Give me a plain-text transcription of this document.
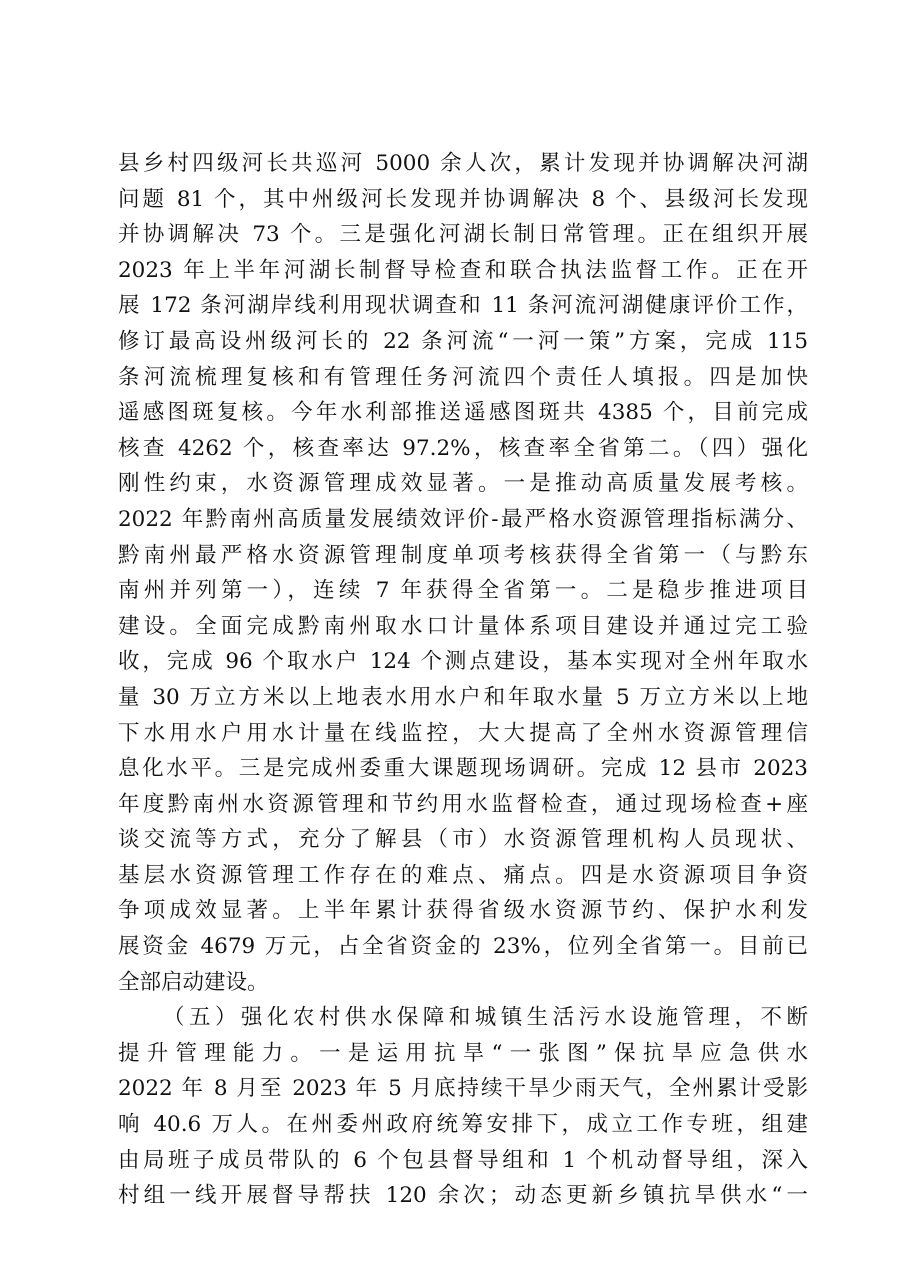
县乡村四级河长共巡河 5000 余人次，累计发现并协调解决河湖
问题 81 个，其中州级河长发现并协调解决 8 个、县级河长发现
并协调解决 73 个。三是强化河湖长制日常管理。正在组织开展
2023 年上半年河湖长制督导检查和联合执法监督工作。正在开
展 172 条河湖岸线利用现状调查和 11 条河流河湖健康评价工作，
修订最高设州级河长的 22 条河流“一河一策”方案，完成 115
条河流梳理复核和有管理任务河流四个责任人填报。四是加快
遥感图斑复核。今年水利部推送遥感图斑共 4385 个，目前完成
核查 4262 个，核查率达 97.2%，核查率全省第二。（四）强化
刚性约束，水资源管理成效显著。一是推动高质量发展考核。
2022 年黔南州高质量发展绩效评价-最严格水资源管理指标满分、
黔南州最严格水资源管理制度单项考核获得全省第一（与黔东
南州并列第一），连续 7 年获得全省第一。二是稳步推进项目
建设。全面完成黔南州取水口计量体系项目建设并通过完工验
收，完成 96 个取水户 124 个测点建设，基本实现对全州年取水
量 30 万立方米以上地表水用水户和年取水量 5 万立方米以上地
下水用水户用水计量在线监控，大大提高了全州水资源管理信
息化水平。三是完成州委重大课题现场调研。完成 12 县市 2023
年度黔南州水资源管理和节约用水监督检查，通过现场检查+座
谈交流等方式，充分了解县（市）水资源管理机构人员现状、
基层水资源管理工作存在的难点、痛点。四是水资源项目争资
争项成效显著。上半年累计获得省级水资源节约、保护水利发
展资金 4679 万元，占全省资金的 23%，位列全省第一。目前已
全部启动建设。
（五）强化农村供水保障和城镇生活污水设施管理，不断
提升管理能力。一是运用抗旱“一张图”保抗旱应急供水
2022 年 8 月至 2023 年 5 月底持续干旱少雨天气，全州累计受影
响 40.6 万人。在州委州政府统筹安排下，成立工作专班，组建
由局班子成员带队的 6 个包县督导组和 1 个机动督导组，深入
村组一线开展督导帮扶 120 余次；动态更新乡镇抗旱供水“一
